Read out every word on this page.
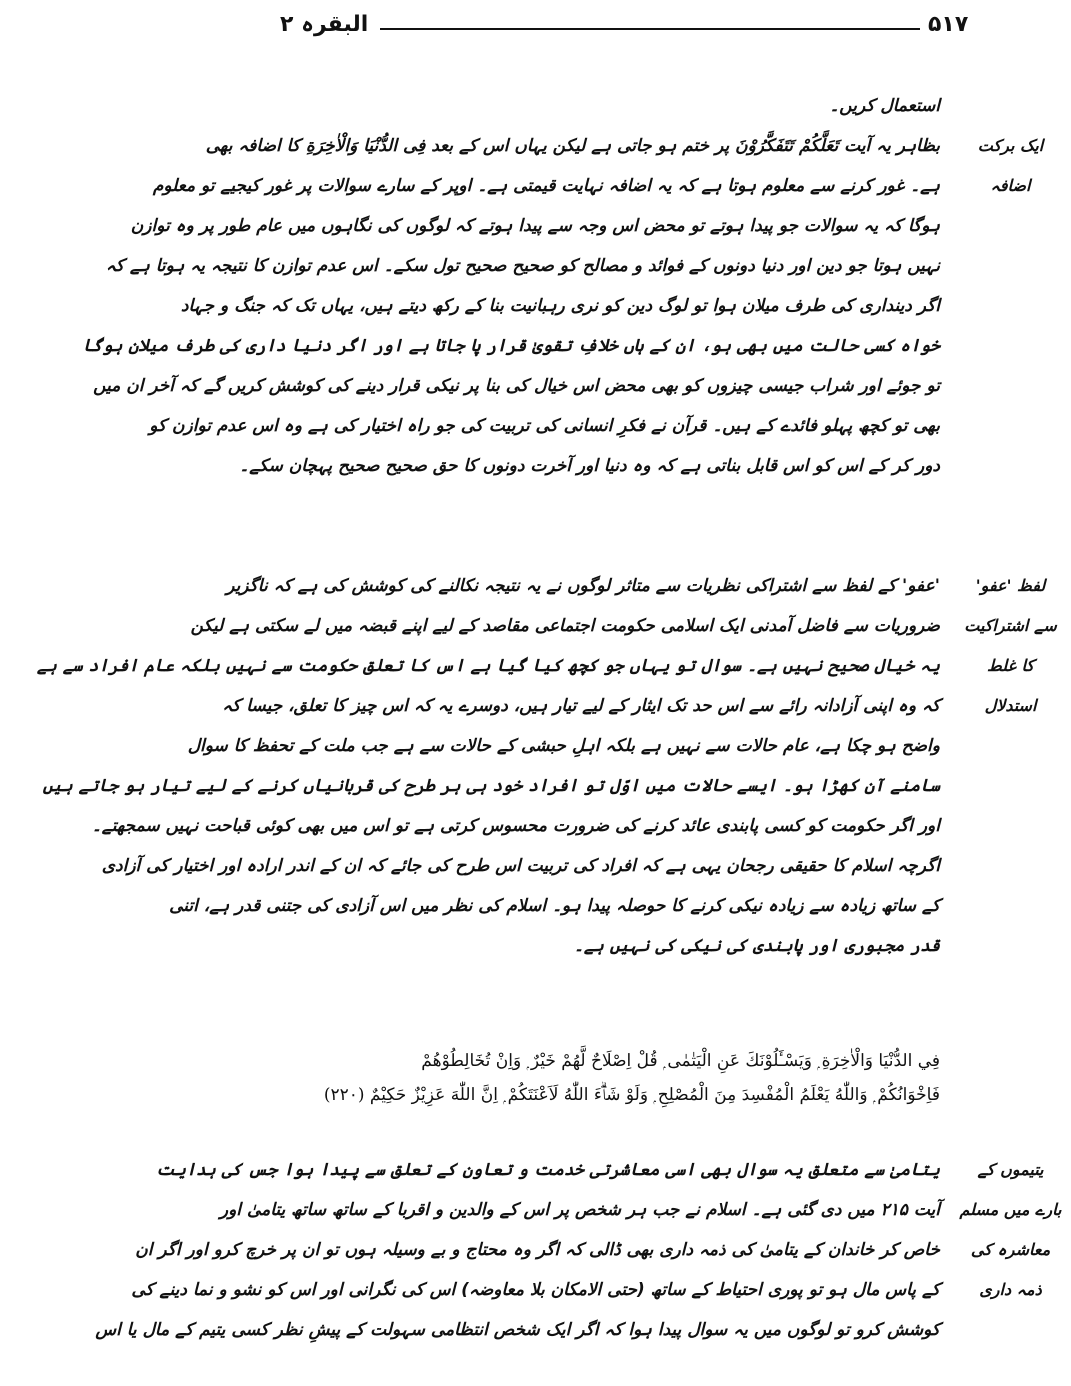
البقرہ ۲	۵۱۷
استعمال کریں۔
بظاہر یہ آیت تَعَلَّکُمْ تَتَفَکَّرُوْنَ پر ختم ہو جاتی ہے لیکن یہاں اس کے بعد فِی الدُّنْیَا وَالْاٰخِرَةِ کا اضافہ بھی
ہے۔ غور کرنے سے معلوم ہوتا ہے کہ یہ اضافہ نہایت قیمتی ہے۔ اوپر کے سارے سوالات پر غور کیجیے تو معلوم
ہوگا کہ یہ سوالات جو پیدا ہوتے تو محض اس وجہ سے پیدا ہوتے کہ لوگوں کی نگاہوں میں عام طور پر وہ توازن
نہیں ہوتا جو دین اور دنیا دونوں کے فوائد و مصالح کو صحیح صحیح تول سکے۔ اس عدم توازن کا نتیجہ یہ ہوتا ہے کہ
اگر دینداری کی طرف میلان ہوا تو لوگ دین کو نری رہبانیت بنا کے رکھ دیتے ہیں، یہاں تک کہ جنگ و جہاد
خواہ کسی حالت میں بھی ہو، ان کے ہاں خلافِ تقویٰ قرار پا جاتا ہے اور اگر دنیا داری کی طرف میلان ہوگا
تو جوئے اور شراب جیسی چیزوں کو بھی محض اس خیال کی بنا پر نیکی قرار دینے کی کوشش کریں گے کہ آخر ان میں
بھی تو کچھ پہلو فائدے کے ہیں۔ قرآن نے فکرِ انسانی کی تربیت کی جو راہ اختیار کی ہے وہ اس عدم توازن کو
دور کر کے اس کو اس قابل بناتی ہے کہ وہ دنیا اور آخرت دونوں کا حق صحیح صحیح پہچان سکے۔
'عفو' کے لفظ سے اشتراکی نظریات سے متاثر لوگوں نے یہ نتیجہ نکالنے کی کوشش کی ہے کہ ناگزیر
ضروریات سے فاضل آمدنی ایک اسلامی حکومت اجتماعی مقاصد کے لیے اپنے قبضہ میں لے سکتی ہے لیکن
یہ خیال صحیح نہیں ہے۔ سوال تو یہاں جو کچھ کیا گیا ہے اس کا تعلق حکومت سے نہیں بلکہ عام افراد سے ہے
کہ وہ اپنی آزادانہ رائے سے اس حد تک ایثار کے لیے تیار ہیں، دوسرے یہ کہ اس چیز کا تعلق، جیسا کہ
واضح ہو چکا ہے، عام حالات سے نہیں ہے بلکہ اہلِ حبشی کے حالات سے ہے جب ملت کے تحفظ کا سوال
سامنے آن کھڑا ہو۔ ایسے حالات میں اوّل تو افراد خود ہی ہر طرح کی قربانیاں کرنے کے لیے تیار ہو جاتے ہیں
اور اگر حکومت کو کسی پابندی عائد کرنے کی ضرورت محسوس کرتی ہے تو اس میں بھی کوئی قباحت نہیں سمجھتے۔
اگرچہ اسلام کا حقیقی رجحان یہی ہے کہ افراد کی تربیت اس طرح کی جائے کہ ان کے اندر ارادہ اور اختیار کی آزادی
کے ساتھ زیادہ سے زیادہ نیکی کرنے کا حوصلہ پیدا ہو۔ اسلام کی نظر میں اس آزادی کی جتنی قدر ہے، اتنی
قدر مجبوری اور پابندی کی نیکی کی نہیں ہے۔
فِي الدُّنْيَا وَالْاٰخِرَةِ ۭ وَيَسْـَٔلُوْنَكَ عَنِ الْيَتٰمٰى ۭ قُلْ اِصْلَاحٌ لَّھُمْ خَيْرٌ ۭ وَاِنْ تُخَالِطُوْھُمْ
فَاِخْوَانُكُمْ ۭ وَاللّٰهُ يَعْلَمُ الْمُفْسِدَ مِنَ الْمُصْلِحِ ۭ وَلَوْ شَاۗءَ اللّٰهُ لَاَعْنَتَكُمْ ۭ اِنَّ اللّٰهَ عَزِيْزٌ حَكِيْمٌ (۲۲۰)
یتامیٰ سے متعلق یہ سوال بھی اسی معاشرتی خدمت و تعاون کے تعلق سے پیدا ہوا جس کی ہدایت
آیت ۲۱۵ میں دی گئی ہے۔ اسلام نے جب ہر شخص پر اس کے والدین و اقربا کے ساتھ ساتھ یتامیٰ اور
خاص کر خاندان کے یتامیٰ کی ذمہ داری بھی ڈالی کہ اگر وہ محتاج و بے وسیلہ ہوں تو ان پر خرچ کرو اور اگر ان
کے پاس مال ہو تو پوری احتیاط کے ساتھ (حتی الامکان بلا معاوضہ) اس کی نگرانی اور اس کو نشو و نما دینے کی
کوشش کرو تو لوگوں میں یہ سوال پیدا ہوا کہ اگر ایک شخص انتظامی سہولت کے پیشِ نظر کسی یتیم کے مال یا اس
ایک برکت
اضافہ
لفظ 'عفو'
سے اشتراکیت
کا غلط
استدلال
یتیموں کے
بارے میں مسلم
معاشرہ کی
ذمہ داری
